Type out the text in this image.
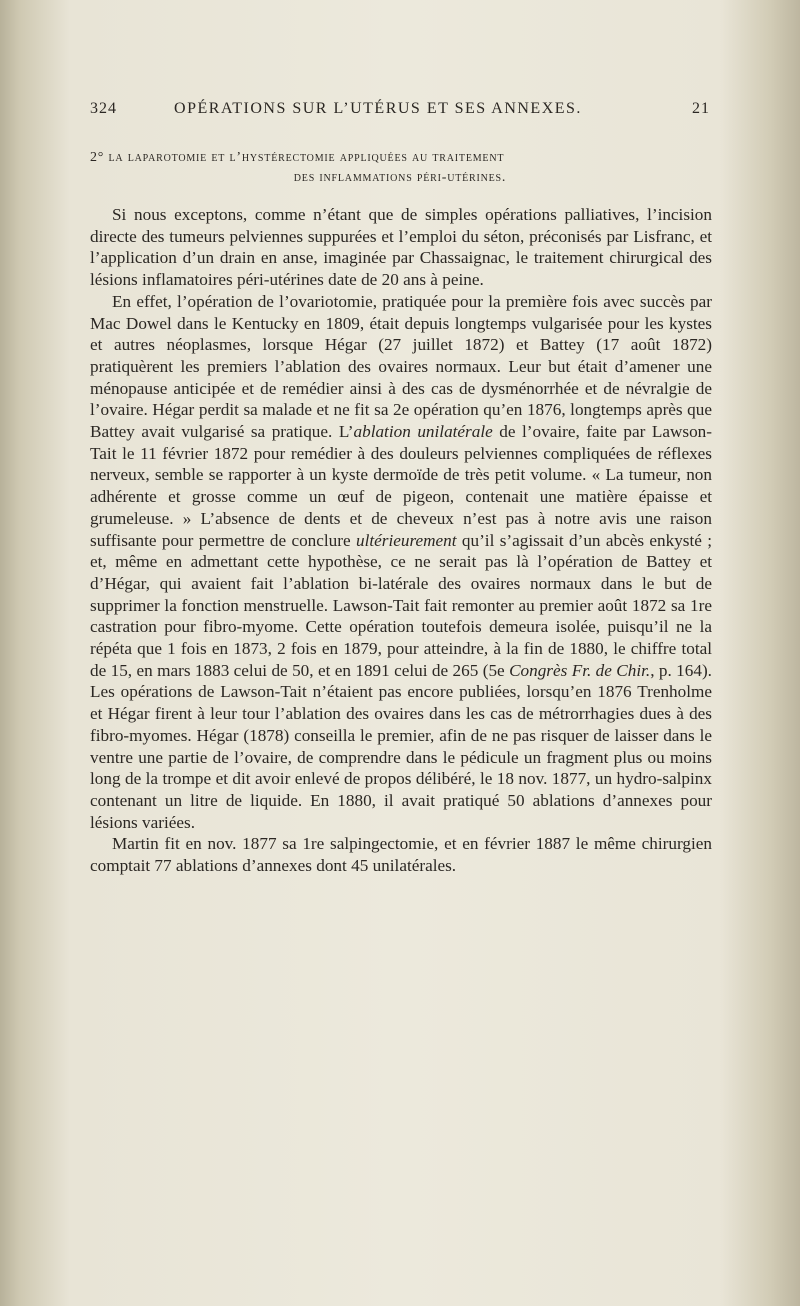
324	OPÉRATIONS SUR L’UTÉRUS ET SES ANNEXES.	21
2° la laparotomie et l’hystérectomie appliquées au traitement
des inflammations péri-utérines.

Si nous exceptons, comme n’étant que de simples opérations palliatives, l’incision directe des tumeurs pelviennes suppurées et l’emploi du séton, préconisés par Lisfranc, et l’application d’un drain en anse, imaginée par Chassaignac, le traitement chirurgical des lésions inflamatoires péri-utérines date de 20 ans à peine.

En effet, l’opération de l’ovariotomie, pratiquée pour la première fois avec succès par Mac Dowel dans le Kentucky en 1809, était depuis longtemps vulgarisée pour les kystes et autres néoplasmes, lorsque Hégar (27 juillet 1872) et Battey (17 août 1872) pratiquèrent les premiers l’ablation des ovaires normaux. Leur but était d’amener une ménopause anticipée et de remédier ainsi à des cas de dysménorrhée et de névralgie de l’ovaire. Hégar perdit sa malade et ne fit sa 2e opération qu’en 1876, longtemps après que Battey avait vulgarisé sa pratique. L’ablation unilatérale de l’ovaire, faite par Lawson-Tait le 11 février 1872 pour remédier à des douleurs pelviennes compliquées de réflexes nerveux, semble se rapporter à un kyste dermoïde de très petit volume. « La tumeur, non adhérente et grosse comme un œuf de pigeon, contenait une matière épaisse et grumeleuse. » L’absence de dents et de cheveux n’est pas à notre avis une raison suffisante pour permettre de conclure ultérieurement qu’il s’agissait d’un abcès enkysté ; et, même en admettant cette hypothèse, ce ne serait pas là l’opération de Battey et d’Hégar, qui avaient fait l’ablation bi-latérale des ovaires normaux dans le but de supprimer la fonction menstruelle. Lawson-Tait fait remonter au premier août 1872 sa 1re castration pour fibro-myome. Cette opération toutefois demeura isolée, puisqu’il ne la répéta que 1 fois en 1873, 2 fois en 1879, pour atteindre, à la fin de 1880, le chiffre total de 15, en mars 1883 celui de 50, et en 1891 celui de 265 (5e Congrès Fr. de Chir., p. 164). Les opérations de Lawson-Tait n’étaient pas encore publiées, lorsqu’en 1876 Trenholme et Hégar firent à leur tour l’ablation des ovaires dans les cas de métrorrhagies dues à des fibro-myomes. Hégar (1878) conseilla le premier, afin de ne pas risquer de laisser dans le ventre une partie de l’ovaire, de comprendre dans le pédicule un fragment plus ou moins long de la trompe et dit avoir enlevé de propos délibéré, le 18 nov. 1877, un hydro-salpinx contenant un litre de liquide. En 1880, il avait pratiqué 50 ablations d’annexes pour lésions variées.

Martin fit en nov. 1877 sa 1re salpingectomie, et en février 1887 le même chirurgien comptait 77 ablations d’annexes dont 45 unilatérales.
